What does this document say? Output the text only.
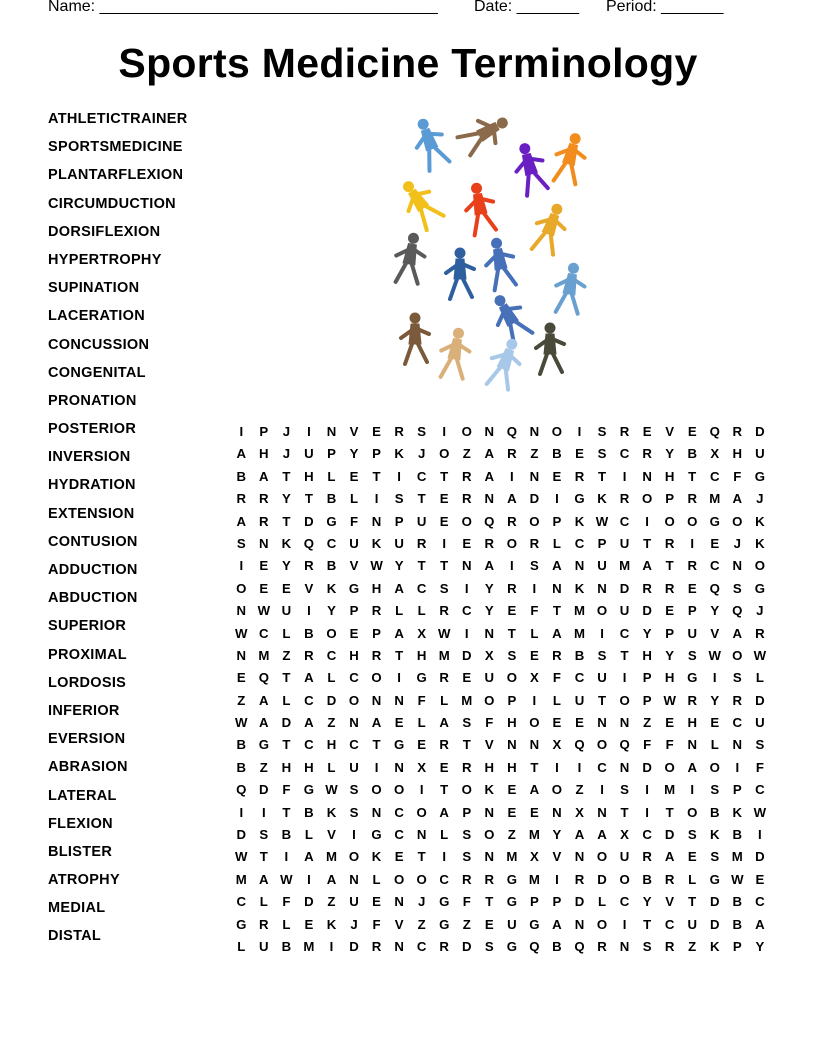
Name: ______________________________________ Date: _______ Period: _______
Sports Medicine Terminology
ATHLETICTRAINER
SPORTSMEDICINE
PLANTARFLEXION
CIRCUMDUCTION
DORSIFLEXION
HYPERTROPHY
SUPINATION
LACERATION
CONCUSSION
CONGENITAL
PRONATION
POSTERIOR
INVERSION
HYDRATION
EXTENSION
CONTUSION
ADDUCTION
ABDUCTION
SUPERIOR
PROXIMAL
LORDOSIS
INFERIOR
EVERSION
ABRASION
LATERAL
FLEXION
BLISTER
ATROPHY
MEDIAL
DISTAL
I	P	J	I	N	V	E	R	S	I	O N Q N O	I	S	R	E	V	E Q R D
A H	J	U	P	Y	P	K	J	O	Z	A R	Z	B	E	S	C R	Y	B	X	H U
B A	T	H	L	E	T	I	C	T	R A	I	N	E	R	T	I	N H	T	C	F	G
R R	Y	T	B	L	I	S	T	E	R N A D	I	G K R O P	R M A	J
A R	T	D G	F	N	P	U	E O Q R O P	K W C	I	O O G O K
S	N K Q C U K U R	I	E	R O R	L	C	P	U	T	R	I	E	J	K
I	E	Y	R B	V W Y	T	T	N A	I	S	A N U M A	T	R C N O
O E	E	V	K G H A C	S	I	Y	R	I	N K N D R R	E Q S G
N W U	I	Y	P	R	L	L	R C	Y	E	F	T M O U D	E	P	Y Q	J
W C	L	B O E	P	A	X W	I	N	T	L	A M	I	C	Y	P	U	V	A R
N M Z	R C H R	T	H M D	X	S	E	R B	S	T	H	Y	S W O W
E Q	T	A	L	C O	I	G R	E	U O X	F	C U	I	P	H G	I	S	L
Z	A	L	C D O N N	F	L M O P	I	L	U	T	O P W R	Y	R D
W A D A	Z	N A	E	L	A	S	F	H O E	E	N N	Z	E	H	E	C U
B G	T	C H C	T	G E	R	T	V	N N	X Q O Q	F	F	N	L	N	S
B	Z	H H	L	U	I	N	X	E	R H H	T	I	I	C N D O A O	I	F
Q D	F	G W S O O	I	T	O K	E	A O	Z	I	S	I	M	I	S	P	C
I	I	T	B K	S	N C O A	P	N	E	E	N	X	N	T	I	T	O B K W
D	S	B	L	V	I	G C N	L	S O	Z M Y	A A	X	C D	S	K B	I
W T	I	A M O K	E	T	I	S	N M X	V	N O U R A	E	S M D
M A W	I	A N	L	O O C R R G M	I	R D O B R	L	G W E
C	L	F	D	Z	U	E	N	J	G	F	T	G P	P	D	L	C	Y	V	T	D B C
G R	L	E	K	J	F	V	Z	G	Z	E	U G A N O	I	T	C U D B A
L	U B M	I	D R N C R D	S G Q B Q R N	S	R	Z	K	P	Y
